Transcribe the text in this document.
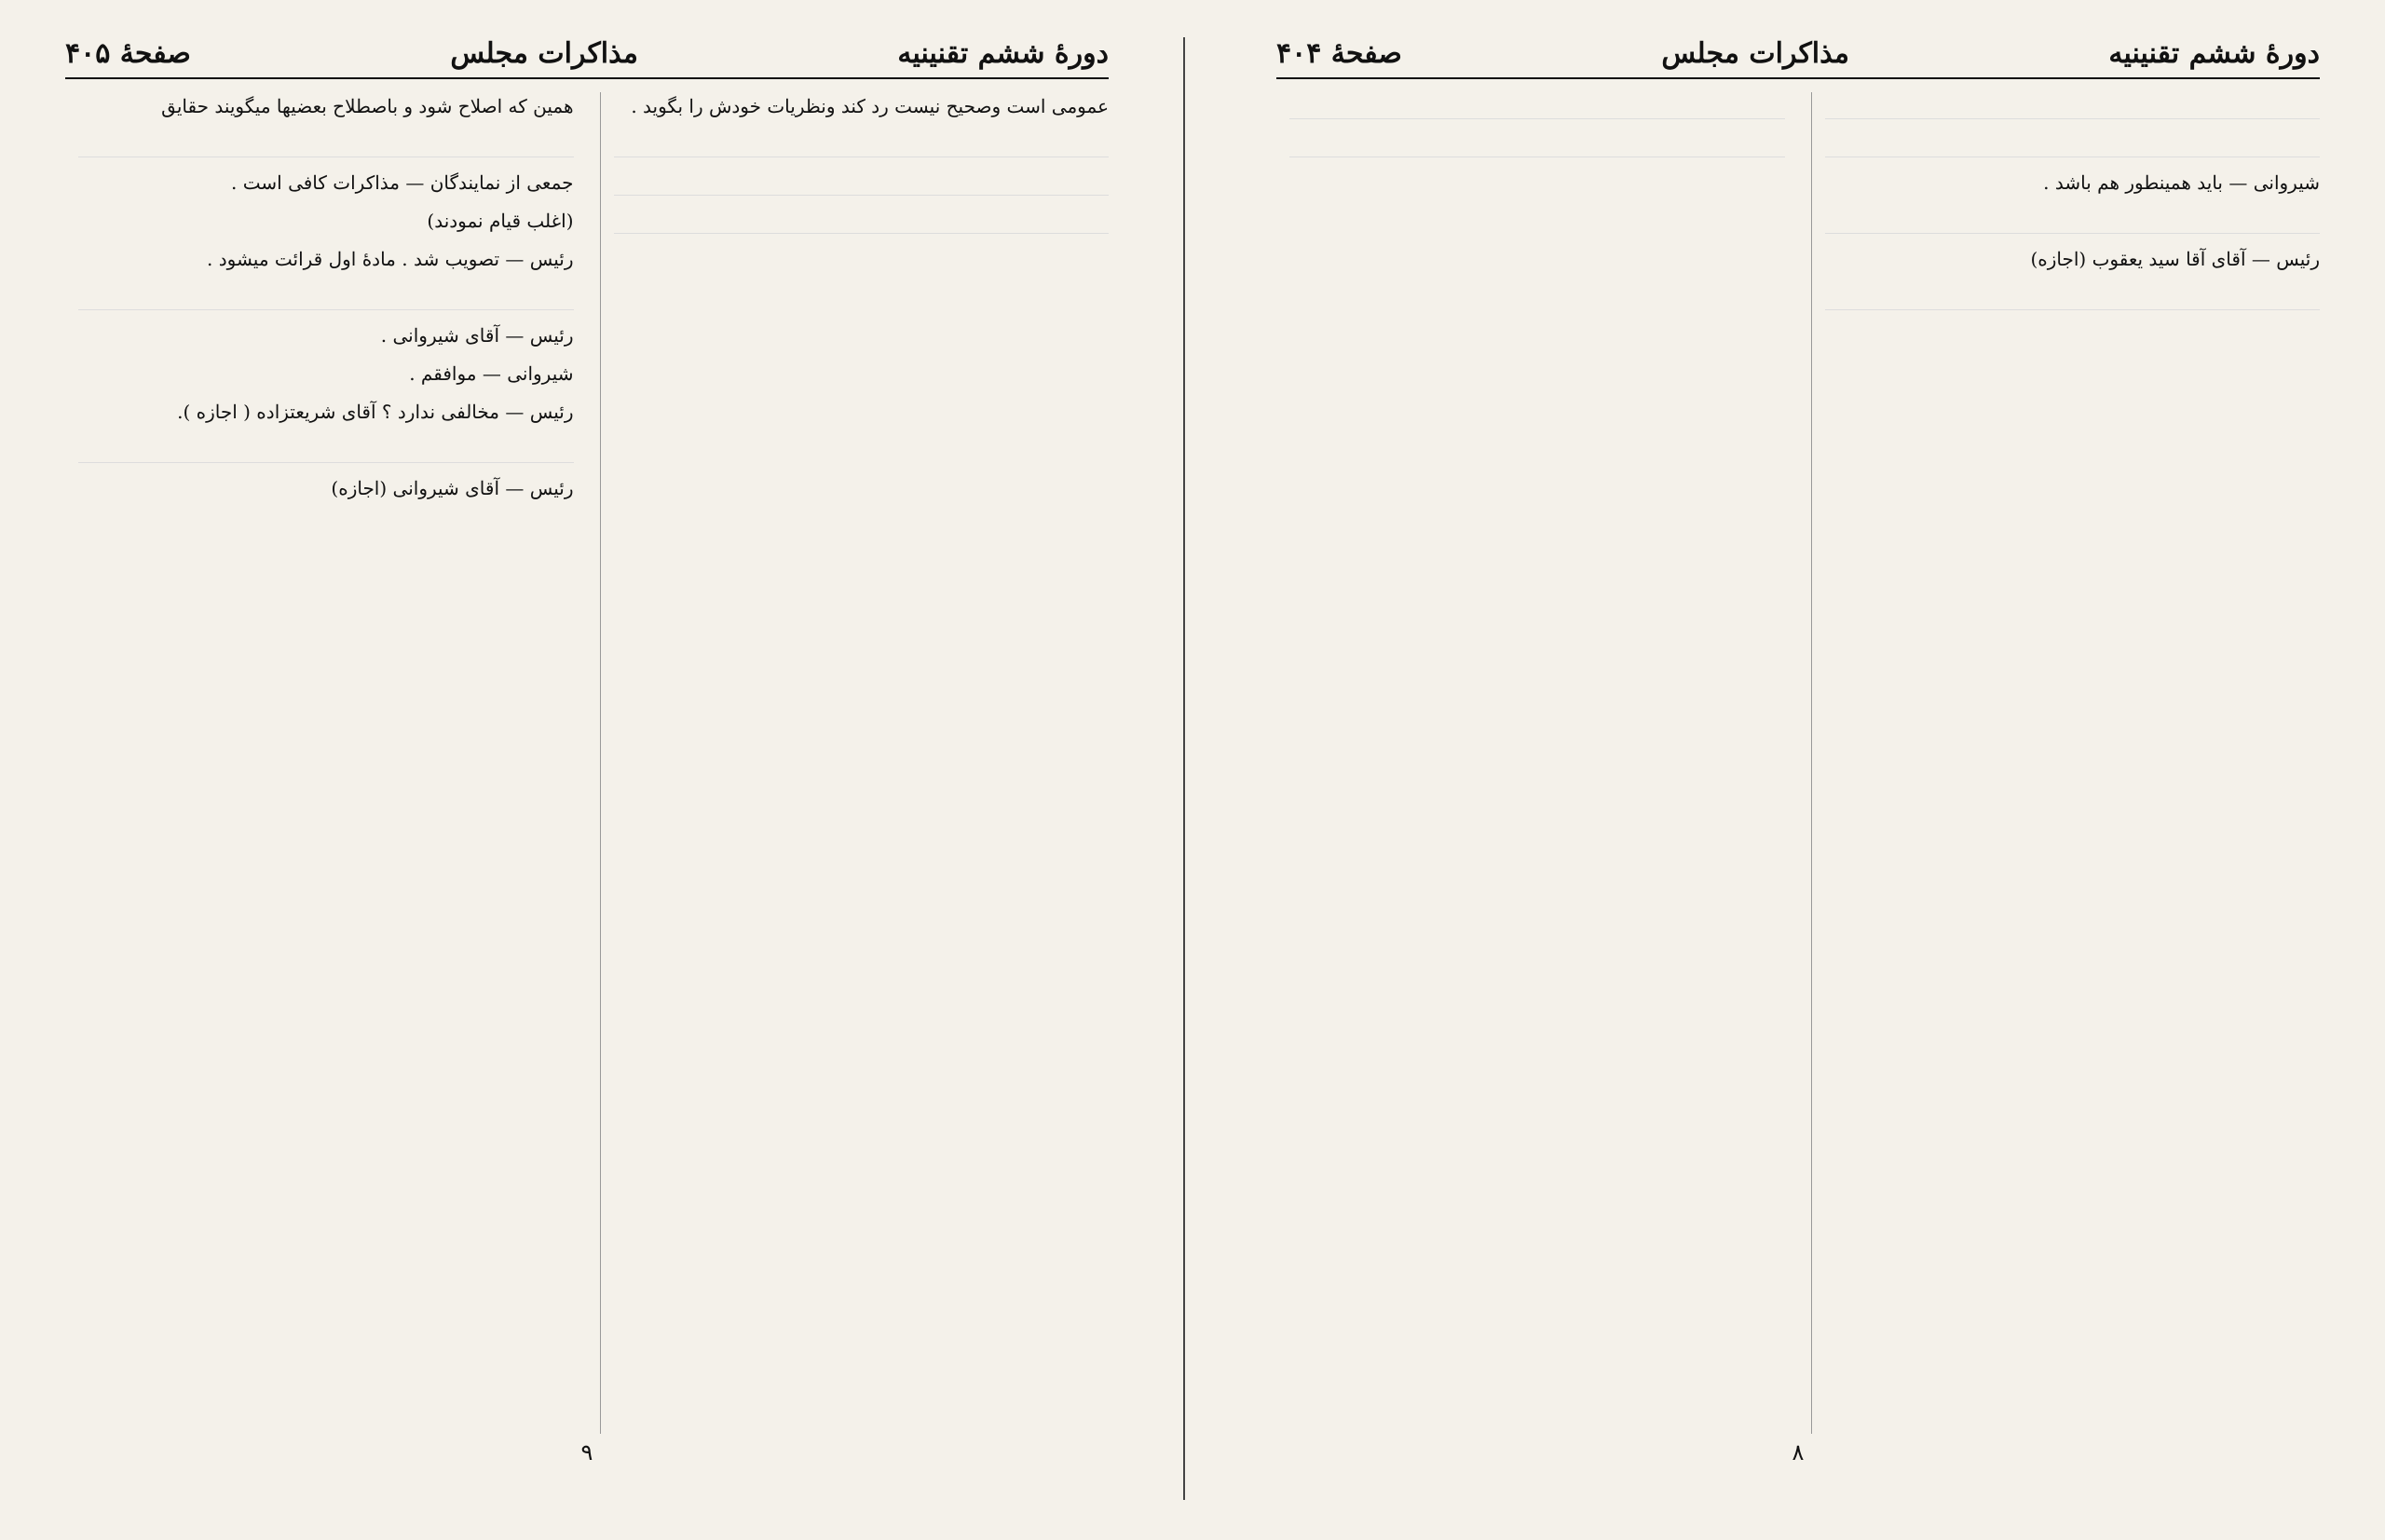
دورهٔ ششم تقنینیه
مذاکرات مجلس
صفحهٔ ۴۰۵

عمومی است وصحیح نیست رد کند ونظریات خودش را بگوید .

همین که اصلاح شود و باصطلاح بعضیها میگویند حقایق

جمعی از نمایندگان — مذاکرات کافی است .

(اغلب قیام نمودند)

رئیس — تصویب شد . مادهٔ اول قرائت میشود .

رئیس — آقای شیروانی .

شیروانی — موافقم .

رئیس — مخالفی ندارد ؟ آقای شریعتزاده ( اجازه ).

رئیس — آقای شیروانی (اجازه)

۹
دورهٔ ششم تقنینیه
مذاکرات مجلس
صفحهٔ ۴۰۴

شیروانی — باید همینطور هم باشد .

رئیس — آقای آقا سید یعقوب (اجازه)

۸
